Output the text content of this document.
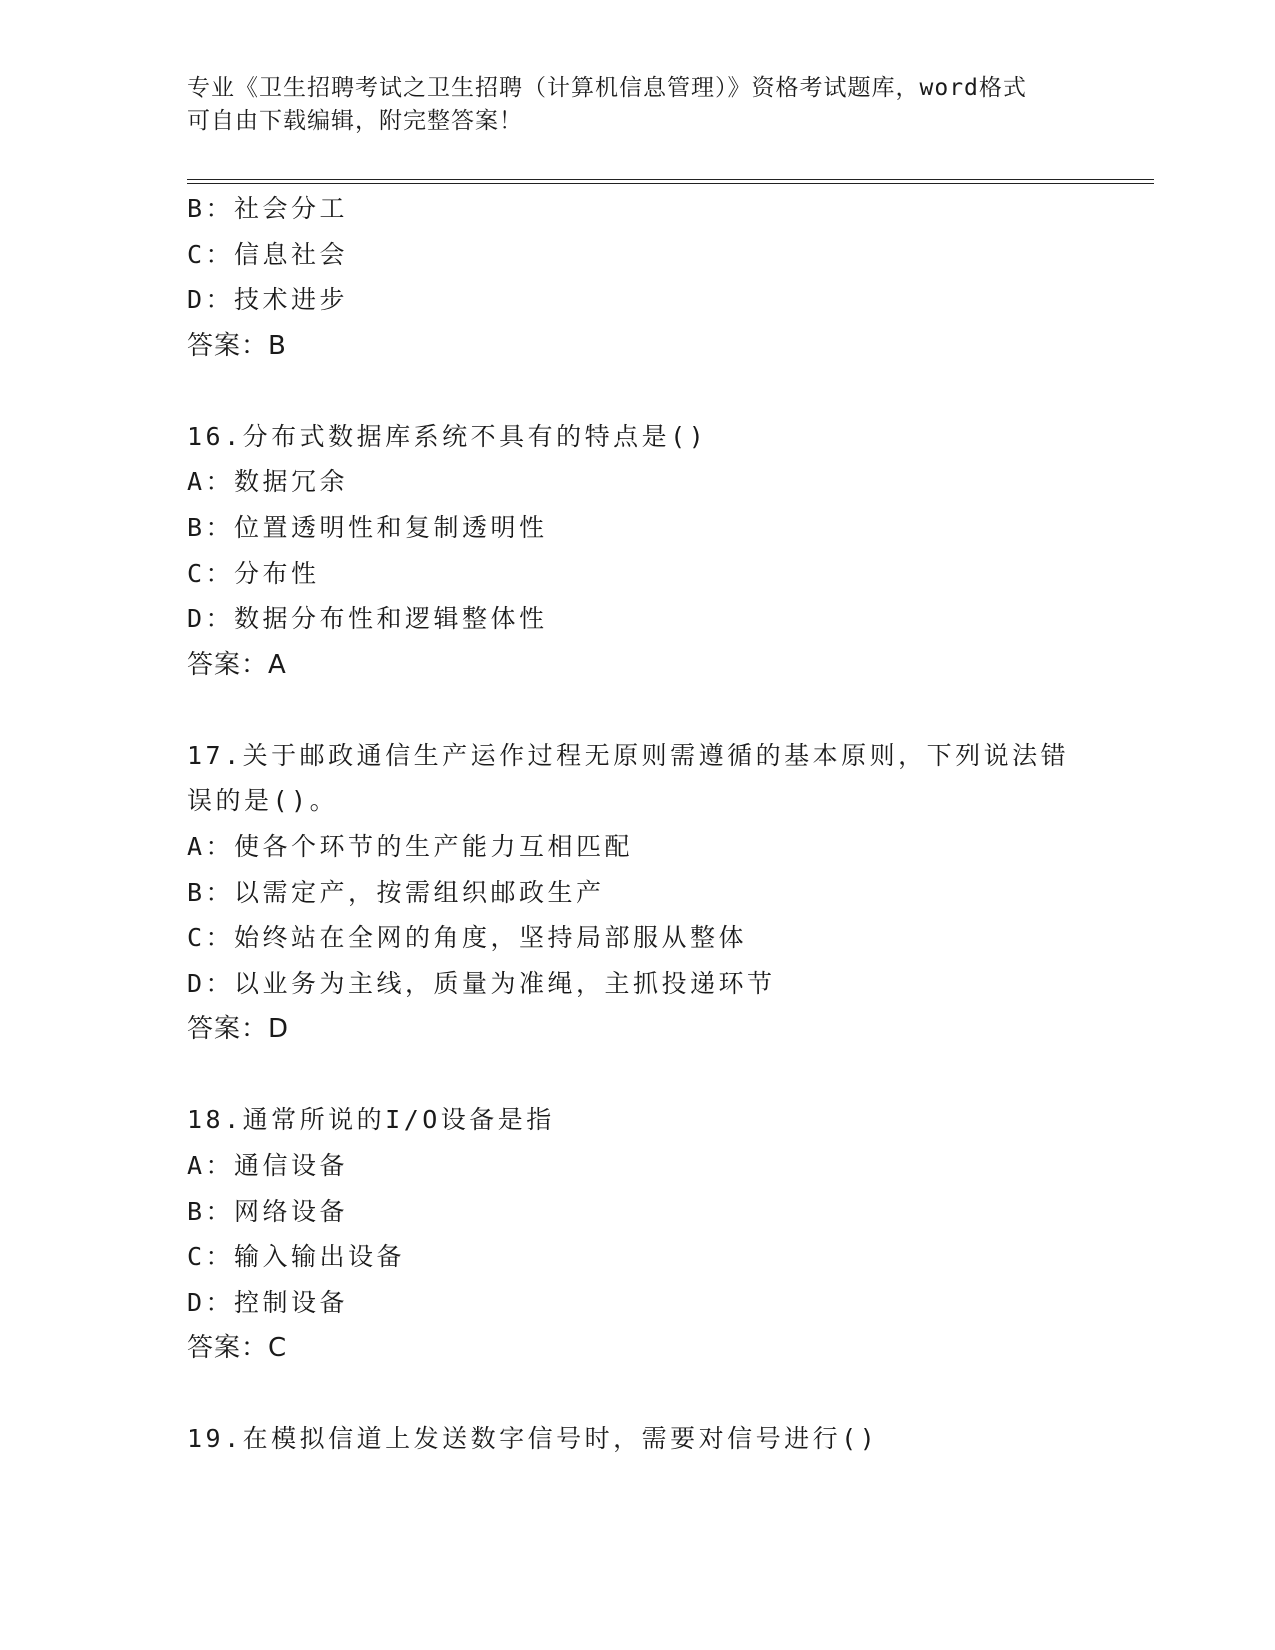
专业《卫生招聘考试之卫生招聘（计算机信息管理）》资格考试题库，word格式
可自由下载编辑，附完整答案！
B：社会分工
C：信息社会
D：技术进步
答案：B
16.分布式数据库系统不具有的特点是()
A：数据冗余
B：位置透明性和复制透明性
C：分布性
D：数据分布性和逻辑整体性
答案：A
17.关于邮政通信生产运作过程无原则需遵循的基本原则，下列说法错
误的是()。
A：使各个环节的生产能力互相匹配
B：以需定产，按需组织邮政生产
C：始终站在全网的角度，坚持局部服从整体
D：以业务为主线，质量为准绳，主抓投递环节
答案：D
18.通常所说的I/O设备是指
A：通信设备
B：网络设备
C：输入输出设备
D：控制设备
答案：C
19.在模拟信道上发送数字信号时，需要对信号进行()
